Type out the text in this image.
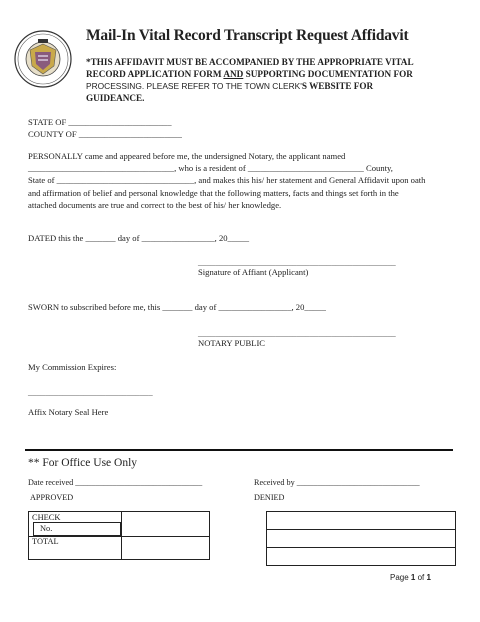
Mail-In Vital Record Transcript Request Affidavit
*THIS AFFIDAVIT MUST BE ACCOMPANIED BY THE APPROPRIATE VITAL
RECORD APPLICATION FORM AND SUPPORTING DOCUMENTATION FOR
PROCESSING. PLEASE REFER TO THE TOWN CLERK'S WEBSITE FOR
GUIDEANCE.
STATE OF ________________________
COUNTY OF ________________________
PERSONALLY came and appeared before me, the undersigned Notary, the applicant named
__________________________________, who is a resident of ___________________________ County,
State of ________________________________, and makes this his/ her statement and General Affidavit upon oath
and affirmation of belief and personal knowledge that the following matters, facts and things set forth in the
attached documents are true and correct to the best of his/ her knowledge.
DATED this the _______ day of _________________, 20_____
______________________________________________
Signature of Affiant (Applicant)
SWORN to subscribed before me, this _______ day of _________________, 20_____
______________________________________________
NOTARY PUBLIC
My Commission Expires:
_____________________________
Affix Notary Seal Here
** For Office Use Only
Date received _______________________________	Received by ______________________________
APPROVED	DENIED
CHECK
No.	

TOTAL	

Page 1 of 1
